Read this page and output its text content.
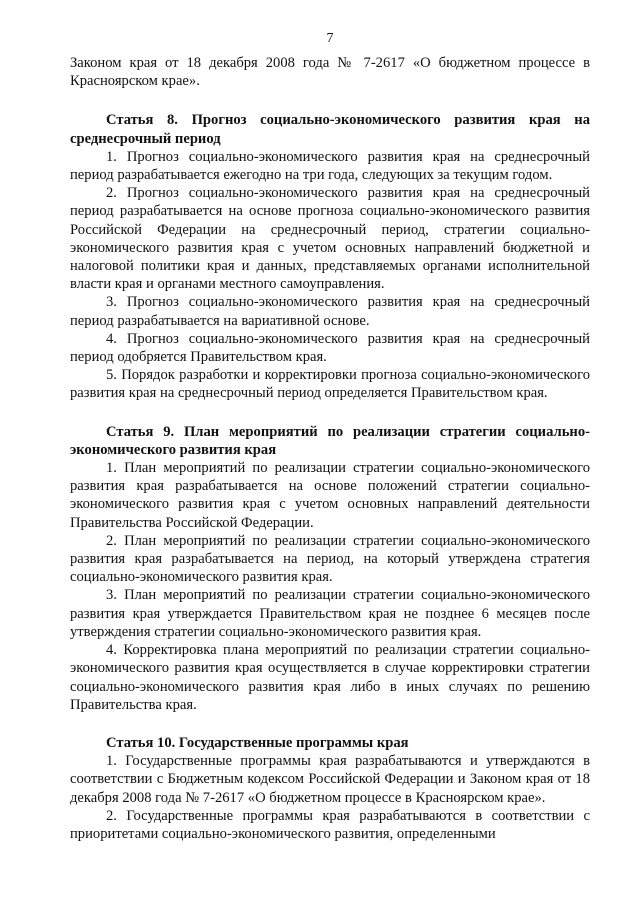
7

Законом края от 18 декабря 2008 года № 7-2617 «О бюджетном процессе в Красноярском крае».

Статья 8. Прогноз социально-экономического развития края на среднесрочный период

1. Прогноз социально-экономического развития края на среднесрочный период разрабатывается ежегодно на три года, следующих за текущим годом.

2. Прогноз социально-экономического развития края на среднесрочный период разрабатывается на основе прогноза социально-экономического развития Российской Федерации на среднесрочный период, стратегии социально-экономического развития края с учетом основных направлений бюджетной и налоговой политики края и данных, представляемых органами исполнительной власти края и органами местного самоуправления.

3. Прогноз социально-экономического развития края на среднесрочный период разрабатывается на вариативной основе.

4. Прогноз социально-экономического развития края на среднесрочный период одобряется Правительством края.

5. Порядок разработки и корректировки прогноза социально-экономического развития края на среднесрочный период определяется Правительством края.

Статья 9. План мероприятий по реализации стратегии социально-экономического развития края

1. План мероприятий по реализации стратегии социально-экономического развития края разрабатывается на основе положений стратегии социально-экономического развития края с учетом основных направлений деятельности Правительства Российской Федерации.

2. План мероприятий по реализации стратегии социально-экономического развития края разрабатывается на период, на который утверждена стратегия социально-экономического развития края.

3. План мероприятий по реализации стратегии социально-экономического развития края утверждается Правительством края не позднее 6 месяцев после утверждения стратегии социально-экономического развития края.

4. Корректировка плана мероприятий по реализации стратегии социально-экономического развития края осуществляется в случае корректировки стратегии социально-экономического развития края либо в иных случаях по решению Правительства края.

Статья 10. Государственные программы края

1. Государственные программы края разрабатываются и утверждаются в соответствии с Бюджетным кодексом Российской Федерации и Законом края от 18 декабря 2008 года № 7-2617 «О бюджетном процессе в Красноярском крае».

2. Государственные программы края разрабатываются в соответствии с приоритетами социально-экономического развития, определенными
